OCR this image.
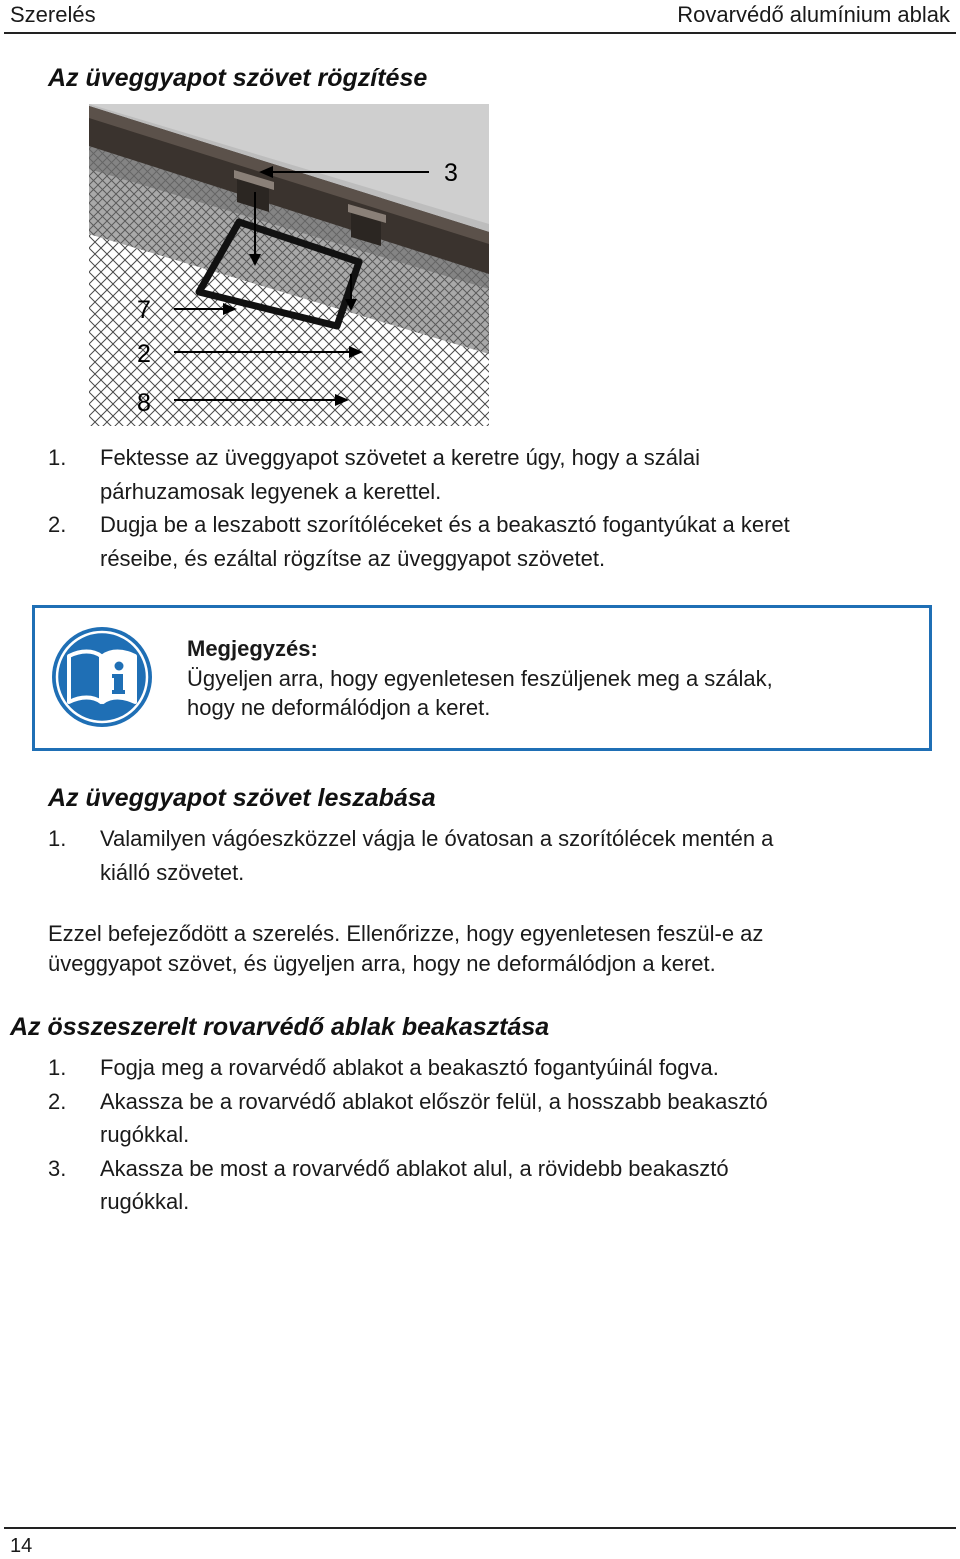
Szerelés	Rovarvédő alumínium ablak
Az üveggyapot szövet rögzítése
3
7
2
8
1. Fektesse az üveggyapot szövetet a keretre úgy, hogy a szálai
párhuzamosak legyenek a kerettel.
2. Dugja be a leszabott szorítóléceket és a beakasztó fogantyúkat a keret
réseibe, és ezáltal rögzítse az üveggyapot szövetet.
Megjegyzés:
Ügyeljen arra, hogy egyenletesen feszüljenek meg a szálak,
hogy ne deformálódjon a keret.
Az üveggyapot szövet leszabása
1. Valamilyen vágóeszközzel vágja le óvatosan a szorítólécek mentén a
kiálló szövetet.
Ezzel befejeződött a szerelés. Ellenőrizze, hogy egyenletesen feszül-e az
üveggyapot szövet, és ügyeljen arra, hogy ne deformálódjon a keret.
Az összeszerelt rovarvédő ablak beakasztása
1. Fogja meg a rovarvédő ablakot a beakasztó fogantyúinál fogva.
2. Akassza be a rovarvédő ablakot először felül, a hosszabb beakasztó
rugókkal.
3. Akassza be most a rovarvédő ablakot alul, a rövidebb beakasztó
rugókkal.
14
